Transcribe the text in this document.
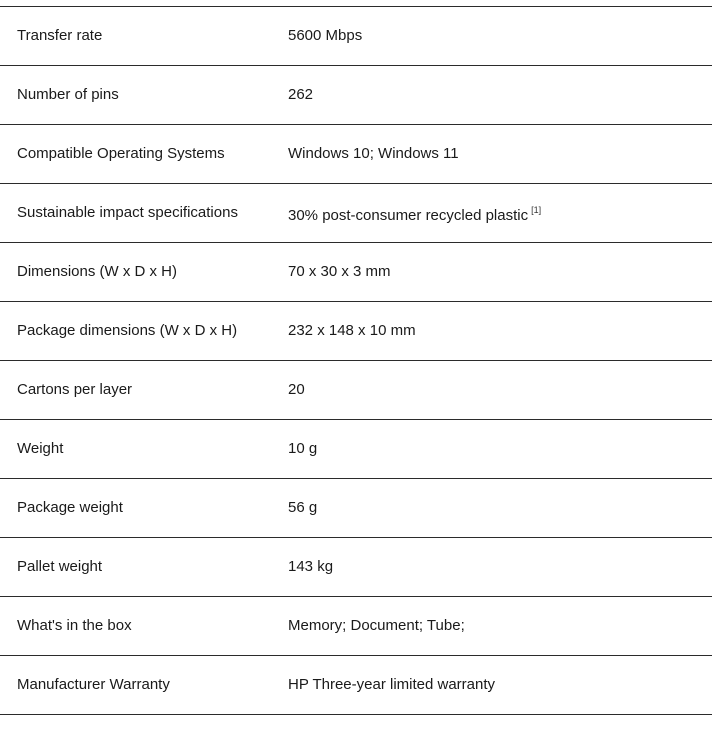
Transfer rate	5600 Mbps
Number of pins	262
Compatible Operating Systems	Windows 10; Windows 11
Sustainable impact specifications	30% post-consumer recycled plastic [1]
Dimensions (W x D x H)	70 x 30 x 3 mm
Package dimensions (W x D x H)	232 x 148 x 10 mm
Cartons per layer	20
Weight	10 g
Package weight	56 g
Pallet weight	143 kg
What's in the box	Memory; Document; Tube;
Manufacturer Warranty	HP Three-year limited warranty
